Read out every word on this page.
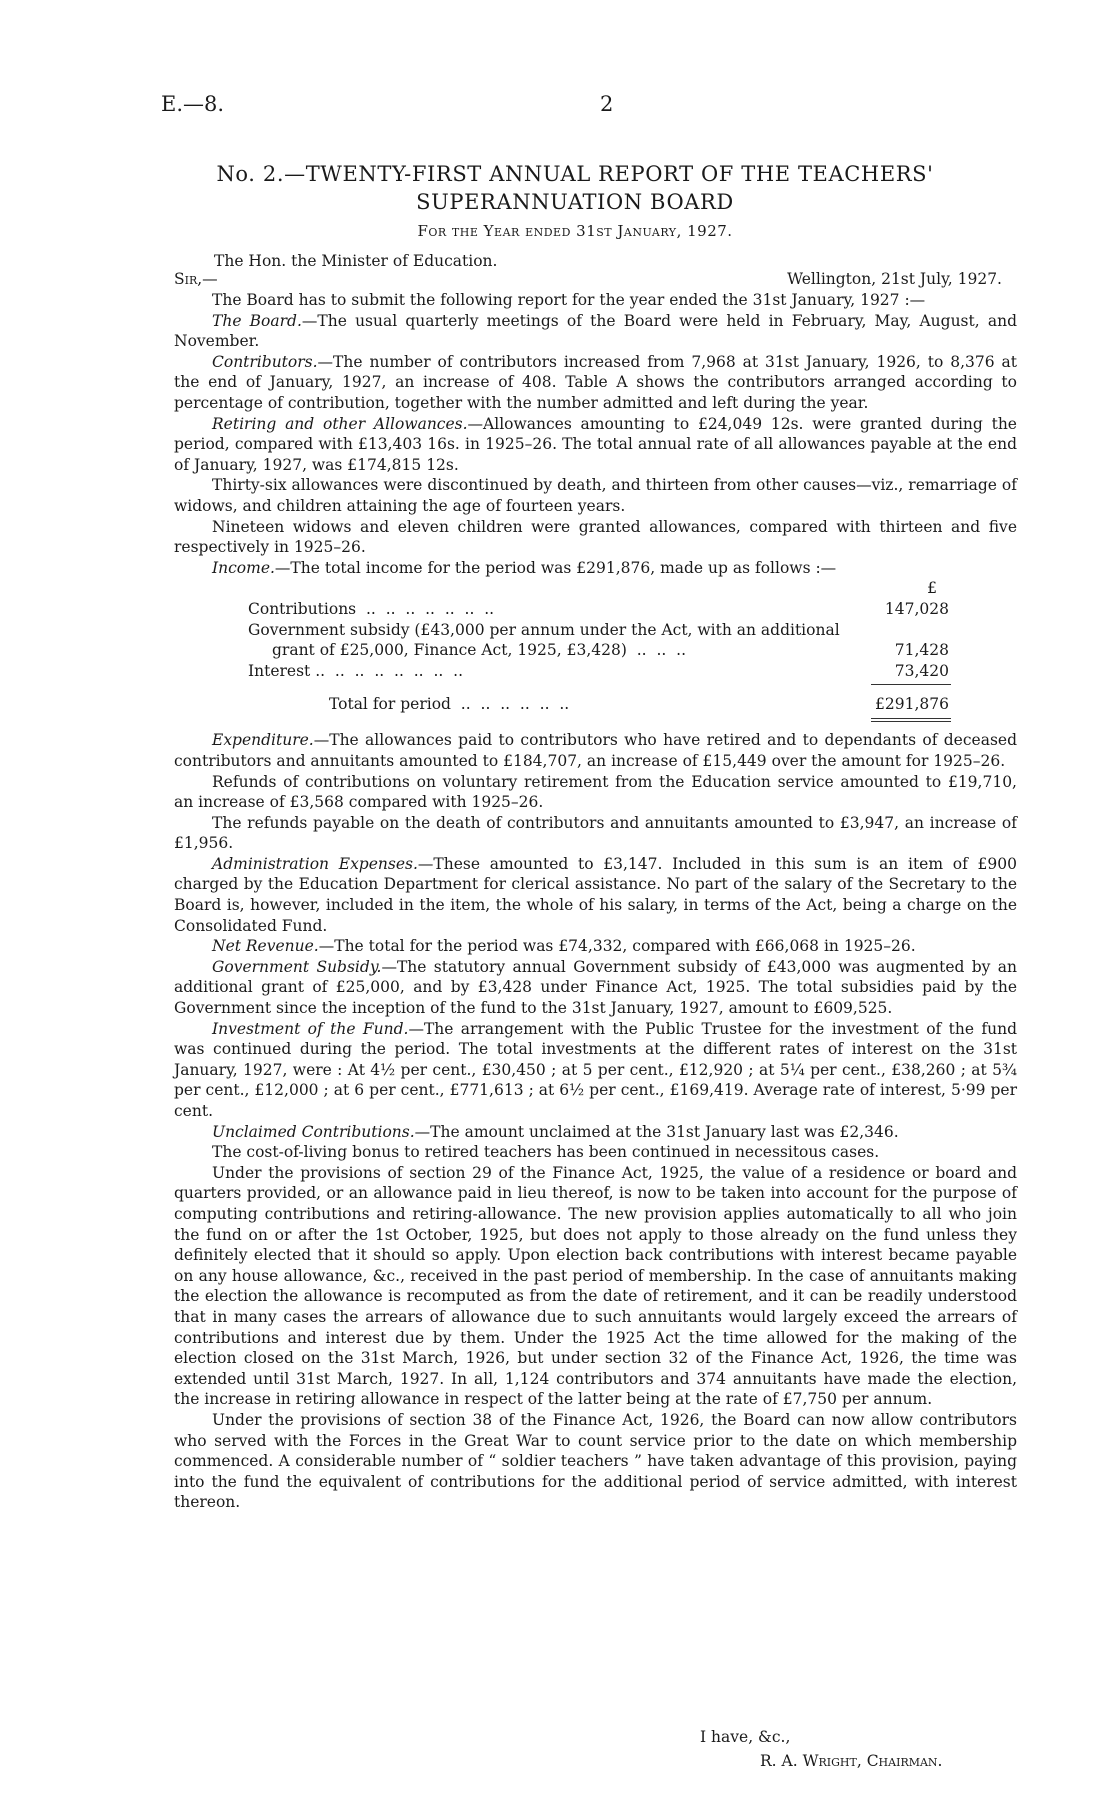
E.—8.	2
No. 2.—TWENTY-FIRST ANNUAL REPORT OF THE TEACHERS'
SUPERANNUATION BOARD
For the Year ended 31st January, 1927.
The Hon. the Minister of Education.
Sir,—	Wellington, 21st July, 1927.

The Board has to submit the following report for the year ended the 31st January, 1927 :—

The Board.—The usual quarterly meetings of the Board were held in February, May, August, and November.

Contributors.—The number of contributors increased from 7,968 at 31st January, 1926, to 8,376 at the end of January, 1927, an increase of 408. Table A shows the contributors arranged according to percentage of contribution, together with the number admitted and left during the year.

Retiring and other Allowances.—Allowances amounting to £24,049 12s. were granted during the period, compared with £13,403 16s. in 1925–26. The total annual rate of all allowances payable at the end of January, 1927, was £174,815 12s.

Thirty-six allowances were discontinued by death, and thirteen from other causes—viz., remarriage of widows, and children attaining the age of fourteen years.

Nineteen widows and eleven children were granted allowances, compared with thirteen and five respectively in 1925–26.

Income.—The total income for the period was £291,876, made up as follows :—

£
Contributions  ..  ..  ..  ..  ..  ..  ..	147,028
Government subsidy (£43,000 per annum under the Act, with an additional
grant of £25,000, Finance Act, 1925, £3,428)  ..  ..  ..	71,428
Interest ..  ..  ..  ..  ..  ..  ..  ..	73,420
Total for period  ..  ..  ..  ..  ..  ..	£291,876

Expenditure.—The allowances paid to contributors who have retired and to dependants of deceased contributors and annuitants amounted to £184,707, an increase of £15,449 over the amount for 1925–26.

Refunds of contributions on voluntary retirement from the Education service amounted to £19,710, an increase of £3,568 compared with 1925–26.

The refunds payable on the death of contributors and annuitants amounted to £3,947, an increase of £1,956.

Administration Expenses.—These amounted to £3,147. Included in this sum is an item of £900 charged by the Education Department for clerical assistance. No part of the salary of the Secretary to the Board is, however, included in the item, the whole of his salary, in terms of the Act, being a charge on the Consolidated Fund.

Net Revenue.—The total for the period was £74,332, compared with £66,068 in 1925–26.

Government Subsidy.—The statutory annual Government subsidy of £43,000 was augmented by an additional grant of £25,000, and by £3,428 under Finance Act, 1925. The total subsidies paid by the Government since the inception of the fund to the 31st January, 1927, amount to £609,525.

Investment of the Fund.—The arrangement with the Public Trustee for the investment of the fund was continued during the period. The total investments at the different rates of interest on the 31st January, 1927, were : At 4½ per cent., £30,450 ; at 5 per cent., £12,920 ; at 5¼ per cent., £38,260 ; at 5¾ per cent., £12,000 ; at 6 per cent., £771,613 ; at 6½ per cent., £169,419. Average rate of interest, 5·99 per cent.

Unclaimed Contributions.—The amount unclaimed at the 31st January last was £2,346.

The cost-of-living bonus to retired teachers has been continued in necessitous cases.

Under the provisions of section 29 of the Finance Act, 1925, the value of a residence or board and quarters provided, or an allowance paid in lieu thereof, is now to be taken into account for the purpose of computing contributions and retiring-allowance. The new provision applies automatically to all who join the fund on or after the 1st October, 1925, but does not apply to those already on the fund unless they definitely elected that it should so apply. Upon election back contributions with interest became payable on any house allowance, &c., received in the past period of membership. In the case of annuitants making the election the allowance is recomputed as from the date of retirement, and it can be readily understood that in many cases the arrears of allowance due to such annuitants would largely exceed the arrears of contributions and interest due by them. Under the 1925 Act the time allowed for the making of the election closed on the 31st March, 1926, but under section 32 of the Finance Act, 1926, the time was extended until 31st March, 1927. In all, 1,124 contributors and 374 annuitants have made the election, the increase in retiring allowance in respect of the latter being at the rate of £7,750 per annum.

Under the provisions of section 38 of the Finance Act, 1926, the Board can now allow contributors who served with the Forces in the Great War to count service prior to the date on which membership commenced. A considerable number of “ soldier teachers ” have taken advantage of this provision, paying into the fund the equivalent of contributions for the additional period of service admitted, with interest thereon.

I have, &c.,
R. A. Wright, Chairman.
